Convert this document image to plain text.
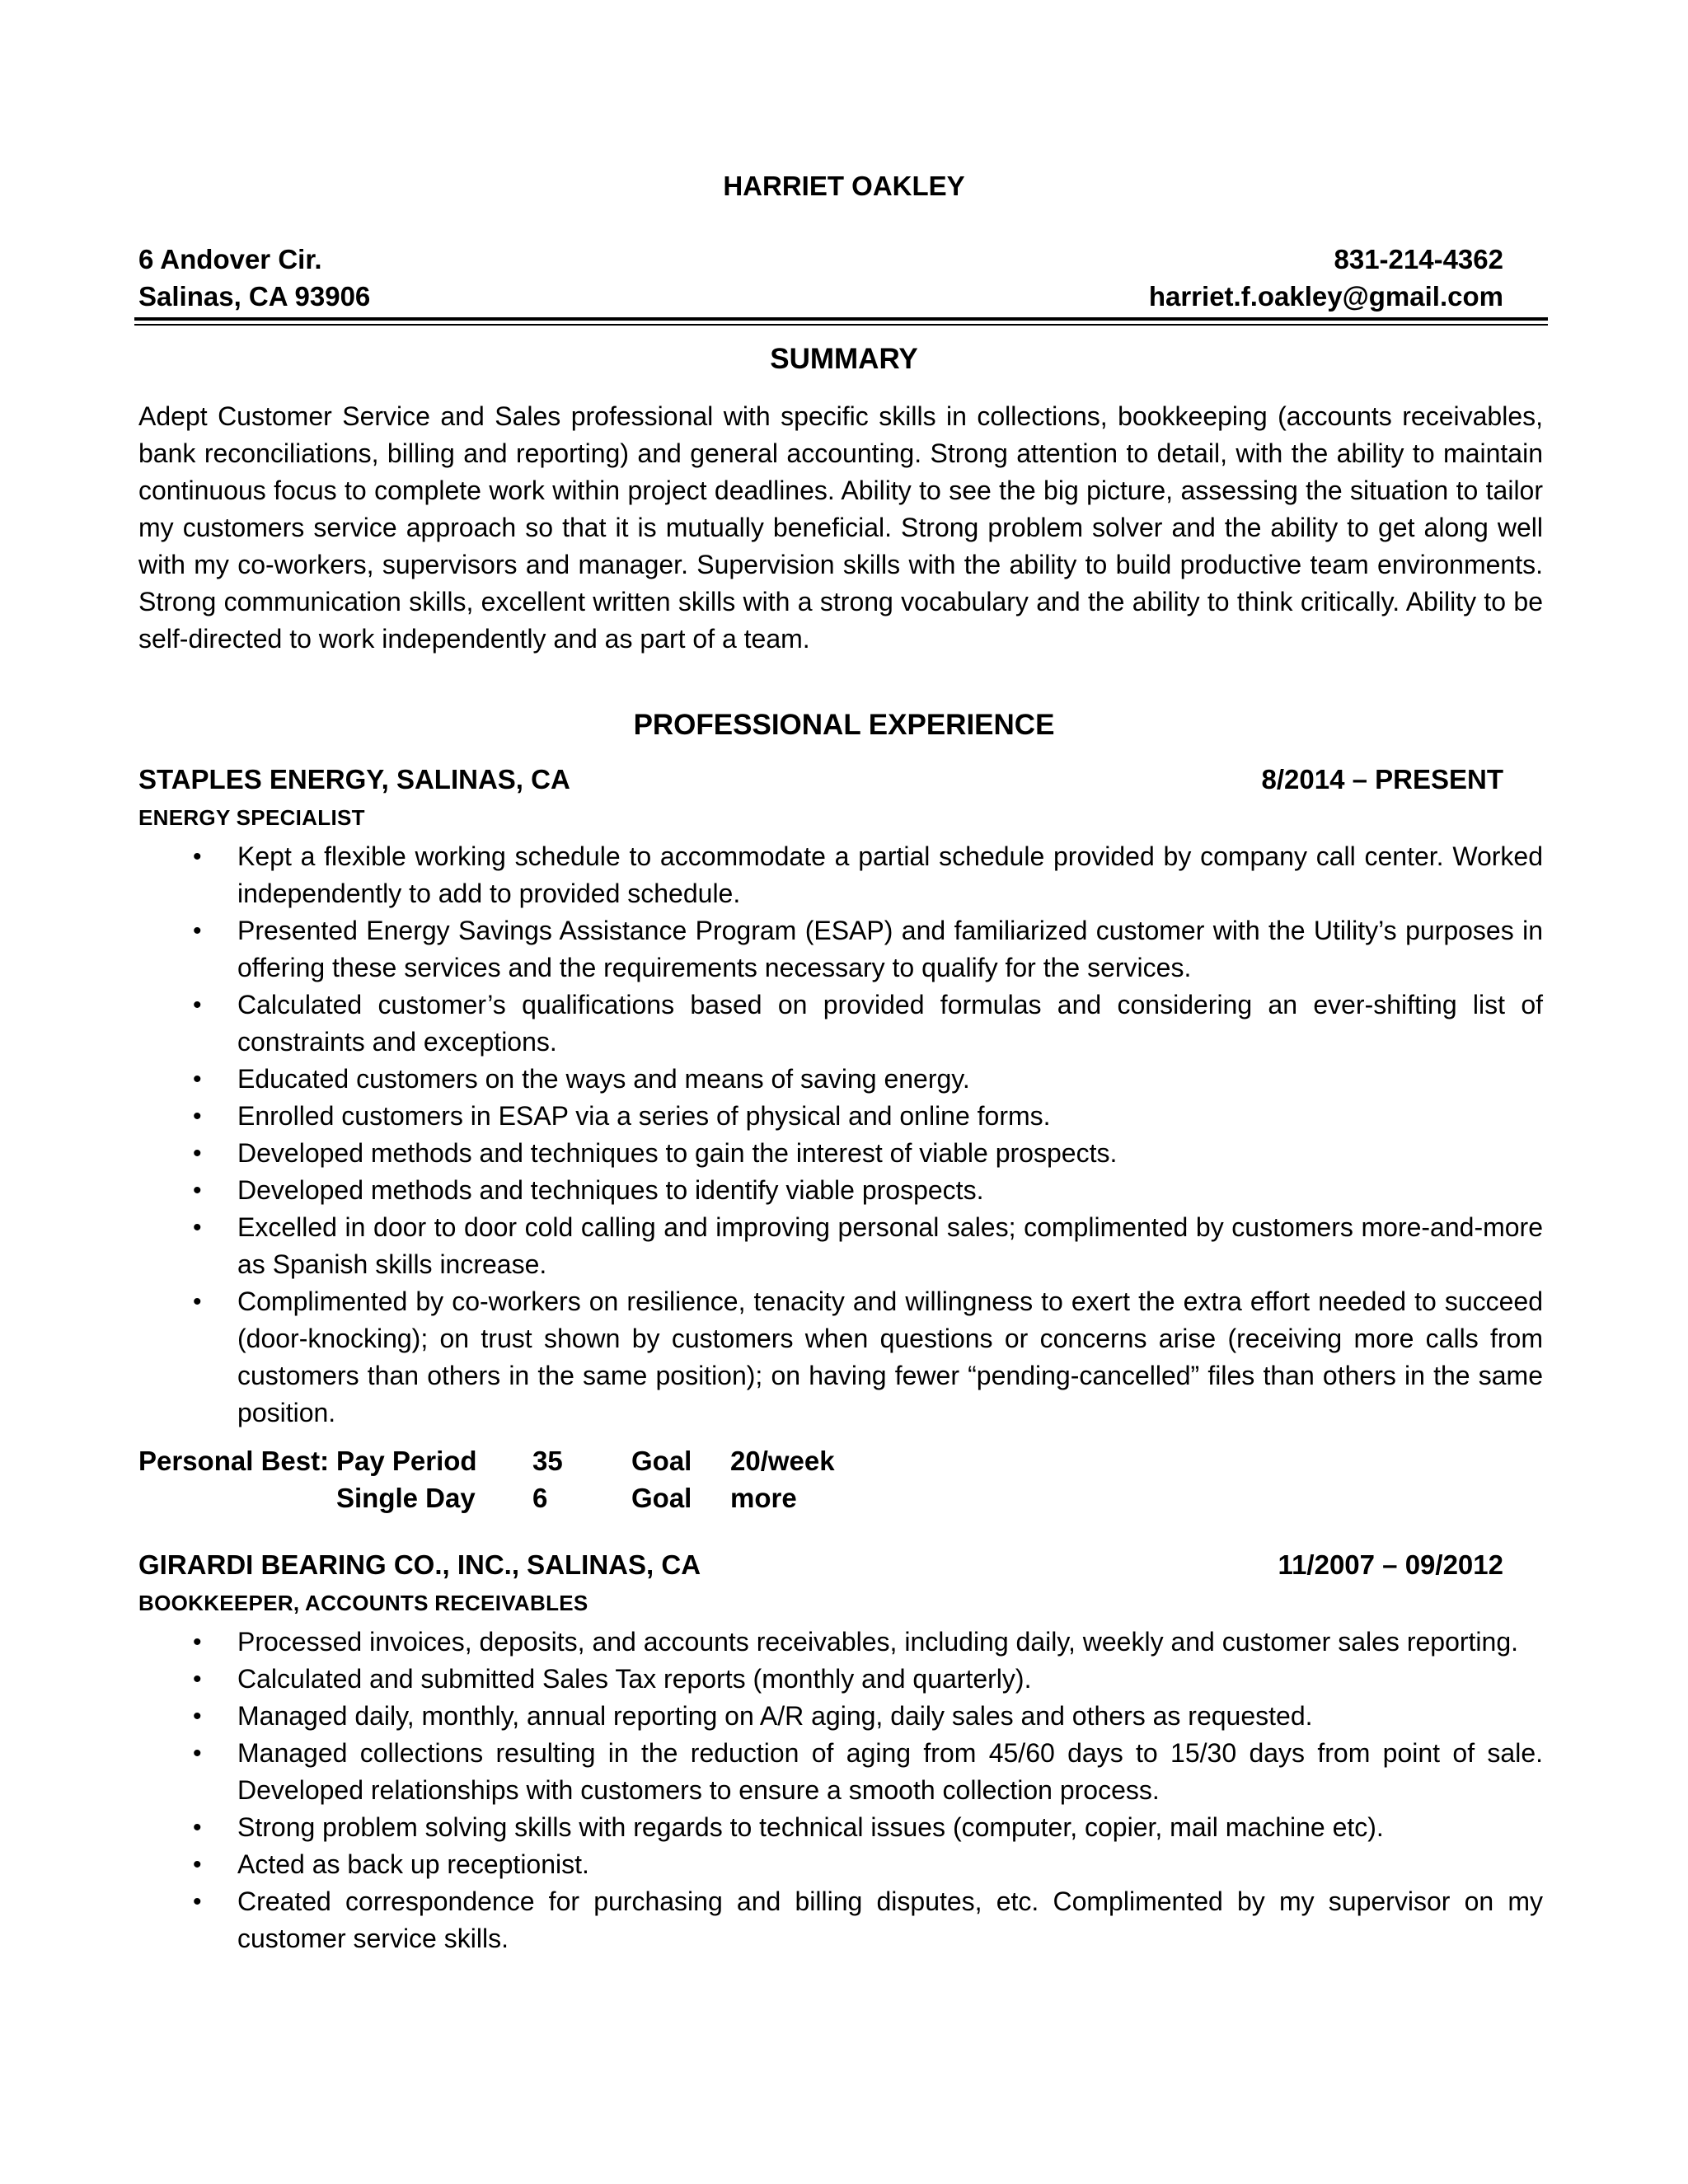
HARRIET OAKLEY
6 Andover Cir.	831-214-4362
Salinas, CA 93906	harriet.f.oakley@gmail.com
SUMMARY
Adept Customer Service and Sales professional with specific skills in collections, bookkeeping (accounts receivables, bank reconciliations, billing and reporting) and general accounting. Strong attention to detail, with the ability to maintain continuous focus to complete work within project deadlines. Ability to see the big picture, assessing the situation to tailor my customers service approach so that it is mutually beneficial. Strong problem solver and the ability to get along well with my co-workers, supervisors and manager. Supervision skills with the ability to build productive team environments. Strong communication skills, excellent written skills with a strong vocabulary and the ability to think critically. Ability to be self-directed to work independently and as part of a team.
PROFESSIONAL EXPERIENCE
STAPLES ENERGY, SALINAS, CA	8/2014 – PRESENT
ENERGY SPECIALIST
• Kept a flexible working schedule to accommodate a partial schedule provided by company call center. Worked independently to add to provided schedule.
• Presented Energy Savings Assistance Program (ESAP) and familiarized customer with the Utility’s purposes in offering these services and the requirements necessary to qualify for the services.
• Calculated customer’s qualifications based on provided formulas and considering an ever-shifting list of constraints and exceptions.
• Educated customers on the ways and means of saving energy.
• Enrolled customers in ESAP via a series of physical and online forms.
• Developed methods and techniques to gain the interest of viable prospects.
• Developed methods and techniques to identify viable prospects.
• Excelled in door to door cold calling and improving personal sales; complimented by customers more-and-more as Spanish skills increase.
• Complimented by co-workers on resilience, tenacity and willingness to exert the extra effort needed to succeed (door-knocking); on trust shown by customers when questions or concerns arise (receiving more calls from customers than others in the same position); on having fewer “pending-cancelled” files than others in the same position.
Personal Best: Pay Period 35	Goal 20/week
Single Day 6	Goal more
GIRARDI BEARING CO., INC., SALINAS, CA	11/2007 – 09/2012
BOOKKEEPER, ACCOUNTS RECEIVABLES
• Processed invoices, deposits, and accounts receivables, including daily, weekly and customer sales reporting.
• Calculated and submitted Sales Tax reports (monthly and quarterly).
• Managed daily, monthly, annual reporting on A/R aging, daily sales and others as requested.
• Managed collections resulting in the reduction of aging from 45/60 days to 15/30 days from point of sale. Developed relationships with customers to ensure a smooth collection process.
• Strong problem solving skills with regards to technical issues (computer, copier, mail machine etc).
• Acted as back up receptionist.
• Created correspondence for purchasing and billing disputes, etc. Complimented by my supervisor on my customer service skills.
